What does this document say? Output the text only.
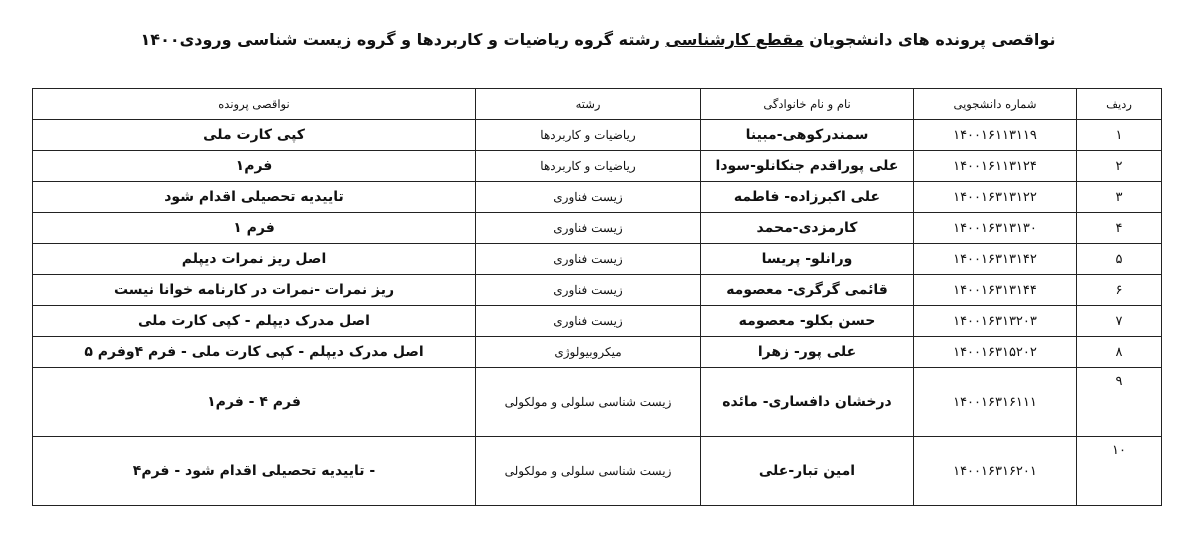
نواقصی پرونده های دانشجویان مقطع کارشناسی رشته گروه ریاضیات و کاربردها و گروه زیست شناسی ورودی۱۴۰۰
ردیف	شماره دانشجویی	نام و نام خانوادگی	رشته	نواقصی پرونده
۱	۱۴۰۰۱۶۱۱۳۱۱۹	سمندرکوهی-مبینا	ریاضیات و کاربردها	کپی کارت ملی
۲	۱۴۰۰۱۶۱۱۳۱۲۴	علی پوراقدم جنکانلو-سودا	ریاضیات و کاربردها	فرم۱
۳	۱۴۰۰۱۶۳۱۳۱۲۲	علی اکبرزاده- فاطمه	زیست فناوری	تاییدیه تحصیلی اقدام شود
۴	۱۴۰۰۱۶۳۱۳۱۳۰	کارمزدی-محمد	زیست فناوری	فرم ۱
۵	۱۴۰۰۱۶۳۱۳۱۴۲	ورانلو- پریسا	زیست فناوری	اصل ریز نمرات دیپلم
۶	۱۴۰۰۱۶۳۱۳۱۴۴	قائمی گرگری- معصومه	زیست فناوری	ریز نمرات -نمرات در کارنامه خوانا نیست
۷	۱۴۰۰۱۶۳۱۳۲۰۳	حسن بکلو- معصومه	زیست فناوری	اصل مدرک دیپلم - کپی کارت ملی
۸	۱۴۰۰۱۶۳۱۵۲۰۲	علی پور- زهرا	میکروبیولوژی	اصل مدرک دیپلم - کپی کارت ملی - فرم ۴وفرم ۵
۹	۱۴۰۰۱۶۳۱۶۱۱۱	درخشان دافساری- مائده	زیست شناسی سلولی و مولکولی	فرم ۴ - فرم۱
۱۰	۱۴۰۰۱۶۳۱۶۲۰۱	امین تبار-علی	زیست شناسی سلولی و مولکولی	- تاییدیه تحصیلی اقدام شود - فرم۴
